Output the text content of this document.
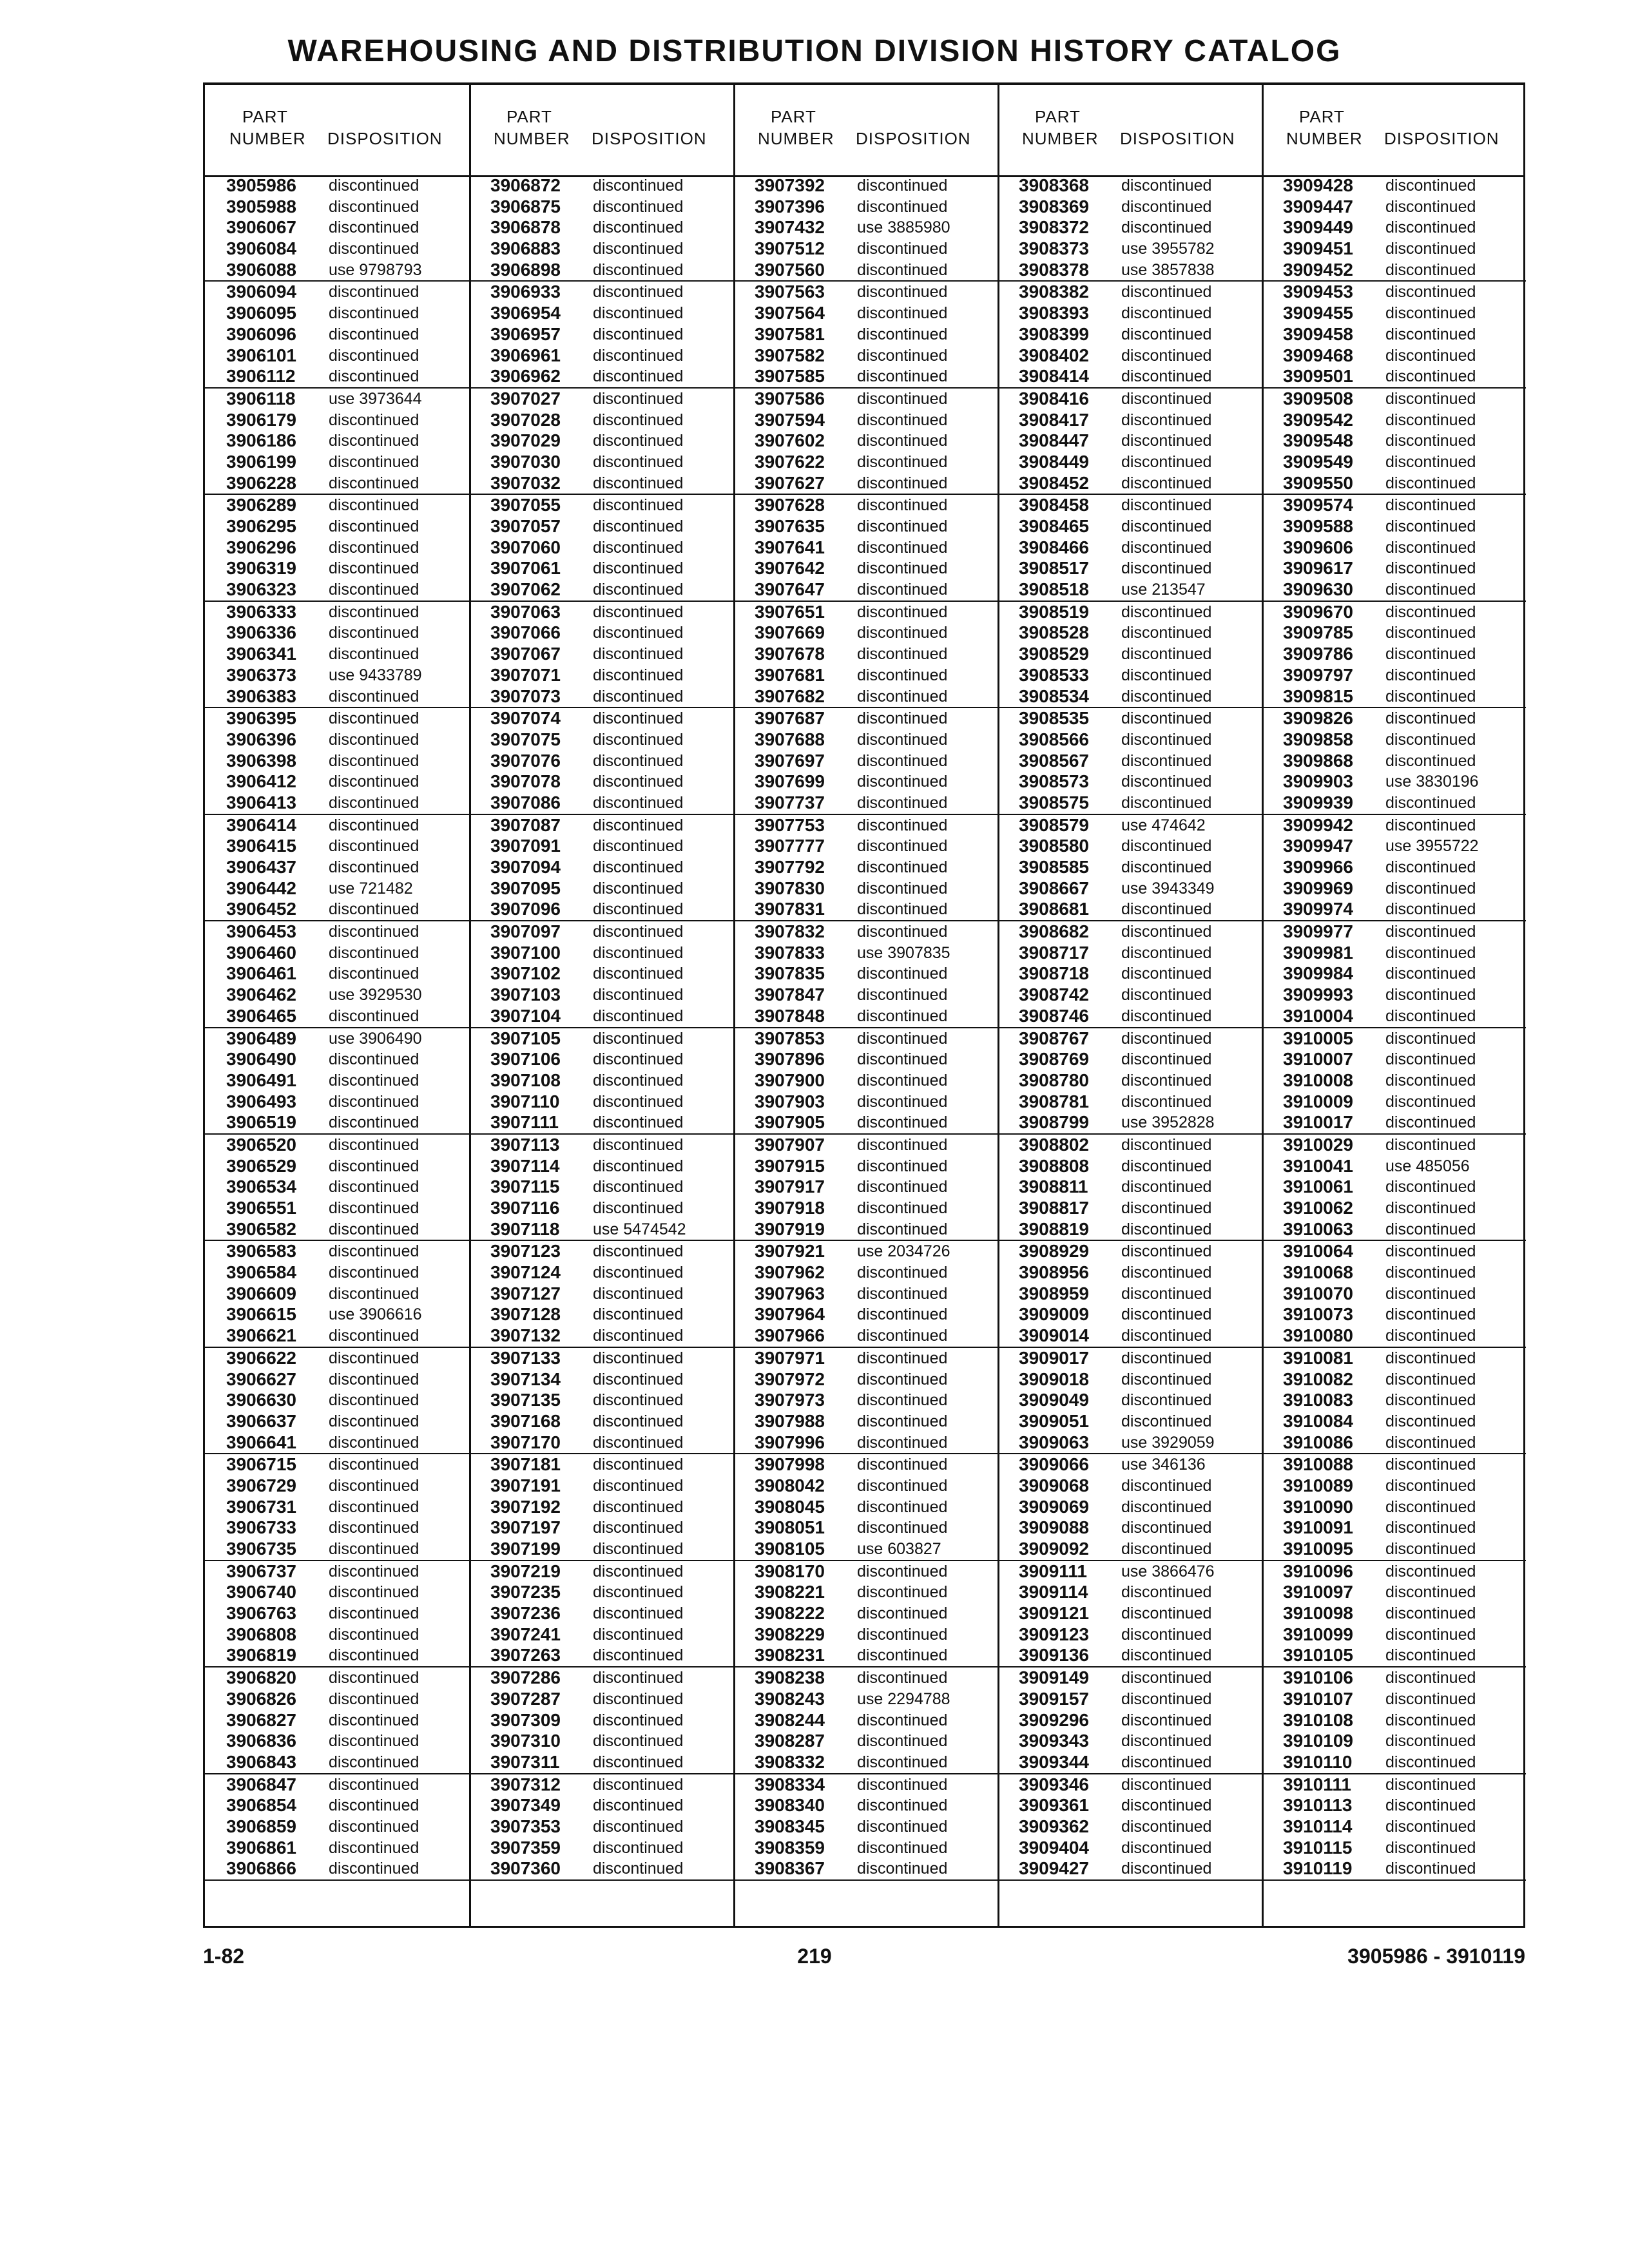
WAREHOUSING AND DISTRIBUTION DIVISION HISTORY CATALOG
PART
NUMBER DISPOSITION
PART
NUMBER DISPOSITION
PART
NUMBER DISPOSITION
PART
NUMBER DISPOSITION
PART
NUMBER DISPOSITION
3905986 discontinued
3905988 discontinued
3906067 discontinued
3906084 discontinued
3906088 use 9798793
3906094 discontinued
3906095 discontinued
3906096 discontinued
3906101 discontinued
3906112 discontinued
3906118 use 3973644
3906179 discontinued
3906186 discontinued
3906199 discontinued
3906228 discontinued
3906289 discontinued
3906295 discontinued
3906296 discontinued
3906319 discontinued
3906323 discontinued
3906333 discontinued
3906336 discontinued
3906341 discontinued
3906373 use 9433789
3906383 discontinued
3906395 discontinued
3906396 discontinued
3906398 discontinued
3906412 discontinued
3906413 discontinued
3906414 discontinued
3906415 discontinued
3906437 discontinued
3906442 use 721482
3906452 discontinued
3906453 discontinued
3906460 discontinued
3906461 discontinued
3906462 use 3929530
3906465 discontinued
3906489 use 3906490
3906490 discontinued
3906491 discontinued
3906493 discontinued
3906519 discontinued
3906520 discontinued
3906529 discontinued
3906534 discontinued
3906551 discontinued
3906582 discontinued
3906583 discontinued
3906584 discontinued
3906609 discontinued
3906615 use 3906616
3906621 discontinued
3906622 discontinued
3906627 discontinued
3906630 discontinued
3906637 discontinued
3906641 discontinued
3906715 discontinued
3906729 discontinued
3906731 discontinued
3906733 discontinued
3906735 discontinued
3906737 discontinued
3906740 discontinued
3906763 discontinued
3906808 discontinued
3906819 discontinued
3906820 discontinued
3906826 discontinued
3906827 discontinued
3906836 discontinued
3906843 discontinued
3906847 discontinued
3906854 discontinued
3906859 discontinued
3906861 discontinued
3906866 discontinued
3906872 discontinued
3906875 discontinued
3906878 discontinued
3906883 discontinued
3906898 discontinued
3906933 discontinued
3906954 discontinued
3906957 discontinued
3906961 discontinued
3906962 discontinued
3907027 discontinued
3907028 discontinued
3907029 discontinued
3907030 discontinued
3907032 discontinued
3907055 discontinued
3907057 discontinued
3907060 discontinued
3907061 discontinued
3907062 discontinued
3907063 discontinued
3907066 discontinued
3907067 discontinued
3907071 discontinued
3907073 discontinued
3907074 discontinued
3907075 discontinued
3907076 discontinued
3907078 discontinued
3907086 discontinued
3907087 discontinued
3907091 discontinued
3907094 discontinued
3907095 discontinued
3907096 discontinued
3907097 discontinued
3907100 discontinued
3907102 discontinued
3907103 discontinued
3907104 discontinued
3907105 discontinued
3907106 discontinued
3907108 discontinued
3907110 discontinued
3907111 discontinued
3907113 discontinued
3907114 discontinued
3907115 discontinued
3907116 discontinued
3907118 use 5474542
3907123 discontinued
3907124 discontinued
3907127 discontinued
3907128 discontinued
3907132 discontinued
3907133 discontinued
3907134 discontinued
3907135 discontinued
3907168 discontinued
3907170 discontinued
3907181 discontinued
3907191 discontinued
3907192 discontinued
3907197 discontinued
3907199 discontinued
3907219 discontinued
3907235 discontinued
3907236 discontinued
3907241 discontinued
3907263 discontinued
3907286 discontinued
3907287 discontinued
3907309 discontinued
3907310 discontinued
3907311 discontinued
3907312 discontinued
3907349 discontinued
3907353 discontinued
3907359 discontinued
3907360 discontinued
3907392 discontinued
3907396 discontinued
3907432 use 3885980
3907512 discontinued
3907560 discontinued
3907563 discontinued
3907564 discontinued
3907581 discontinued
3907582 discontinued
3907585 discontinued
3907586 discontinued
3907594 discontinued
3907602 discontinued
3907622 discontinued
3907627 discontinued
3907628 discontinued
3907635 discontinued
3907641 discontinued
3907642 discontinued
3907647 discontinued
3907651 discontinued
3907669 discontinued
3907678 discontinued
3907681 discontinued
3907682 discontinued
3907687 discontinued
3907688 discontinued
3907697 discontinued
3907699 discontinued
3907737 discontinued
3907753 discontinued
3907777 discontinued
3907792 discontinued
3907830 discontinued
3907831 discontinued
3907832 discontinued
3907833 use 3907835
3907835 discontinued
3907847 discontinued
3907848 discontinued
3907853 discontinued
3907896 discontinued
3907900 discontinued
3907903 discontinued
3907905 discontinued
3907907 discontinued
3907915 discontinued
3907917 discontinued
3907918 discontinued
3907919 discontinued
3907921 use 2034726
3907962 discontinued
3907963 discontinued
3907964 discontinued
3907966 discontinued
3907971 discontinued
3907972 discontinued
3907973 discontinued
3907988 discontinued
3907996 discontinued
3907998 discontinued
3908042 discontinued
3908045 discontinued
3908051 discontinued
3908105 use 603827
3908170 discontinued
3908221 discontinued
3908222 discontinued
3908229 discontinued
3908231 discontinued
3908238 discontinued
3908243 use 2294788
3908244 discontinued
3908287 discontinued
3908332 discontinued
3908334 discontinued
3908340 discontinued
3908345 discontinued
3908359 discontinued
3908367 discontinued
3908368 discontinued
3908369 discontinued
3908372 discontinued
3908373 use 3955782
3908378 use 3857838
3908382 discontinued
3908393 discontinued
3908399 discontinued
3908402 discontinued
3908414 discontinued
3908416 discontinued
3908417 discontinued
3908447 discontinued
3908449 discontinued
3908452 discontinued
3908458 discontinued
3908465 discontinued
3908466 discontinued
3908517 discontinued
3908518 use 213547
3908519 discontinued
3908528 discontinued
3908529 discontinued
3908533 discontinued
3908534 discontinued
3908535 discontinued
3908566 discontinued
3908567 discontinued
3908573 discontinued
3908575 discontinued
3908579 use 474642
3908580 discontinued
3908585 discontinued
3908667 use 3943349
3908681 discontinued
3908682 discontinued
3908717 discontinued
3908718 discontinued
3908742 discontinued
3908746 discontinued
3908767 discontinued
3908769 discontinued
3908780 discontinued
3908781 discontinued
3908799 use 3952828
3908802 discontinued
3908808 discontinued
3908811 discontinued
3908817 discontinued
3908819 discontinued
3908929 discontinued
3908956 discontinued
3908959 discontinued
3909009 discontinued
3909014 discontinued
3909017 discontinued
3909018 discontinued
3909049 discontinued
3909051 discontinued
3909063 use 3929059
3909066 use 346136
3909068 discontinued
3909069 discontinued
3909088 discontinued
3909092 discontinued
3909111 use 3866476
3909114 discontinued
3909121 discontinued
3909123 discontinued
3909136 discontinued
3909149 discontinued
3909157 discontinued
3909296 discontinued
3909343 discontinued
3909344 discontinued
3909346 discontinued
3909361 discontinued
3909362 discontinued
3909404 discontinued
3909427 discontinued
3909428 discontinued
3909447 discontinued
3909449 discontinued
3909451 discontinued
3909452 discontinued
3909453 discontinued
3909455 discontinued
3909458 discontinued
3909468 discontinued
3909501 discontinued
3909508 discontinued
3909542 discontinued
3909548 discontinued
3909549 discontinued
3909550 discontinued
3909574 discontinued
3909588 discontinued
3909606 discontinued
3909617 discontinued
3909630 discontinued
3909670 discontinued
3909785 discontinued
3909786 discontinued
3909797 discontinued
3909815 discontinued
3909826 discontinued
3909858 discontinued
3909868 discontinued
3909903 use 3830196
3909939 discontinued
3909942 discontinued
3909947 use 3955722
3909966 discontinued
3909969 discontinued
3909974 discontinued
3909977 discontinued
3909981 discontinued
3909984 discontinued
3909993 discontinued
3910004 discontinued
3910005 discontinued
3910007 discontinued
3910008 discontinued
3910009 discontinued
3910017 discontinued
3910029 discontinued
3910041 use 485056
3910061 discontinued
3910062 discontinued
3910063 discontinued
3910064 discontinued
3910068 discontinued
3910070 discontinued
3910073 discontinued
3910080 discontinued
3910081 discontinued
3910082 discontinued
3910083 discontinued
3910084 discontinued
3910086 discontinued
3910088 discontinued
3910089 discontinued
3910090 discontinued
3910091 discontinued
3910095 discontinued
3910096 discontinued
3910097 discontinued
3910098 discontinued
3910099 discontinued
3910105 discontinued
3910106 discontinued
3910107 discontinued
3910108 discontinued
3910109 discontinued
3910110 discontinued
3910111 discontinued
3910113 discontinued
3910114 discontinued
3910115 discontinued
3910119 discontinued
1-82	219	3905986 - 3910119
